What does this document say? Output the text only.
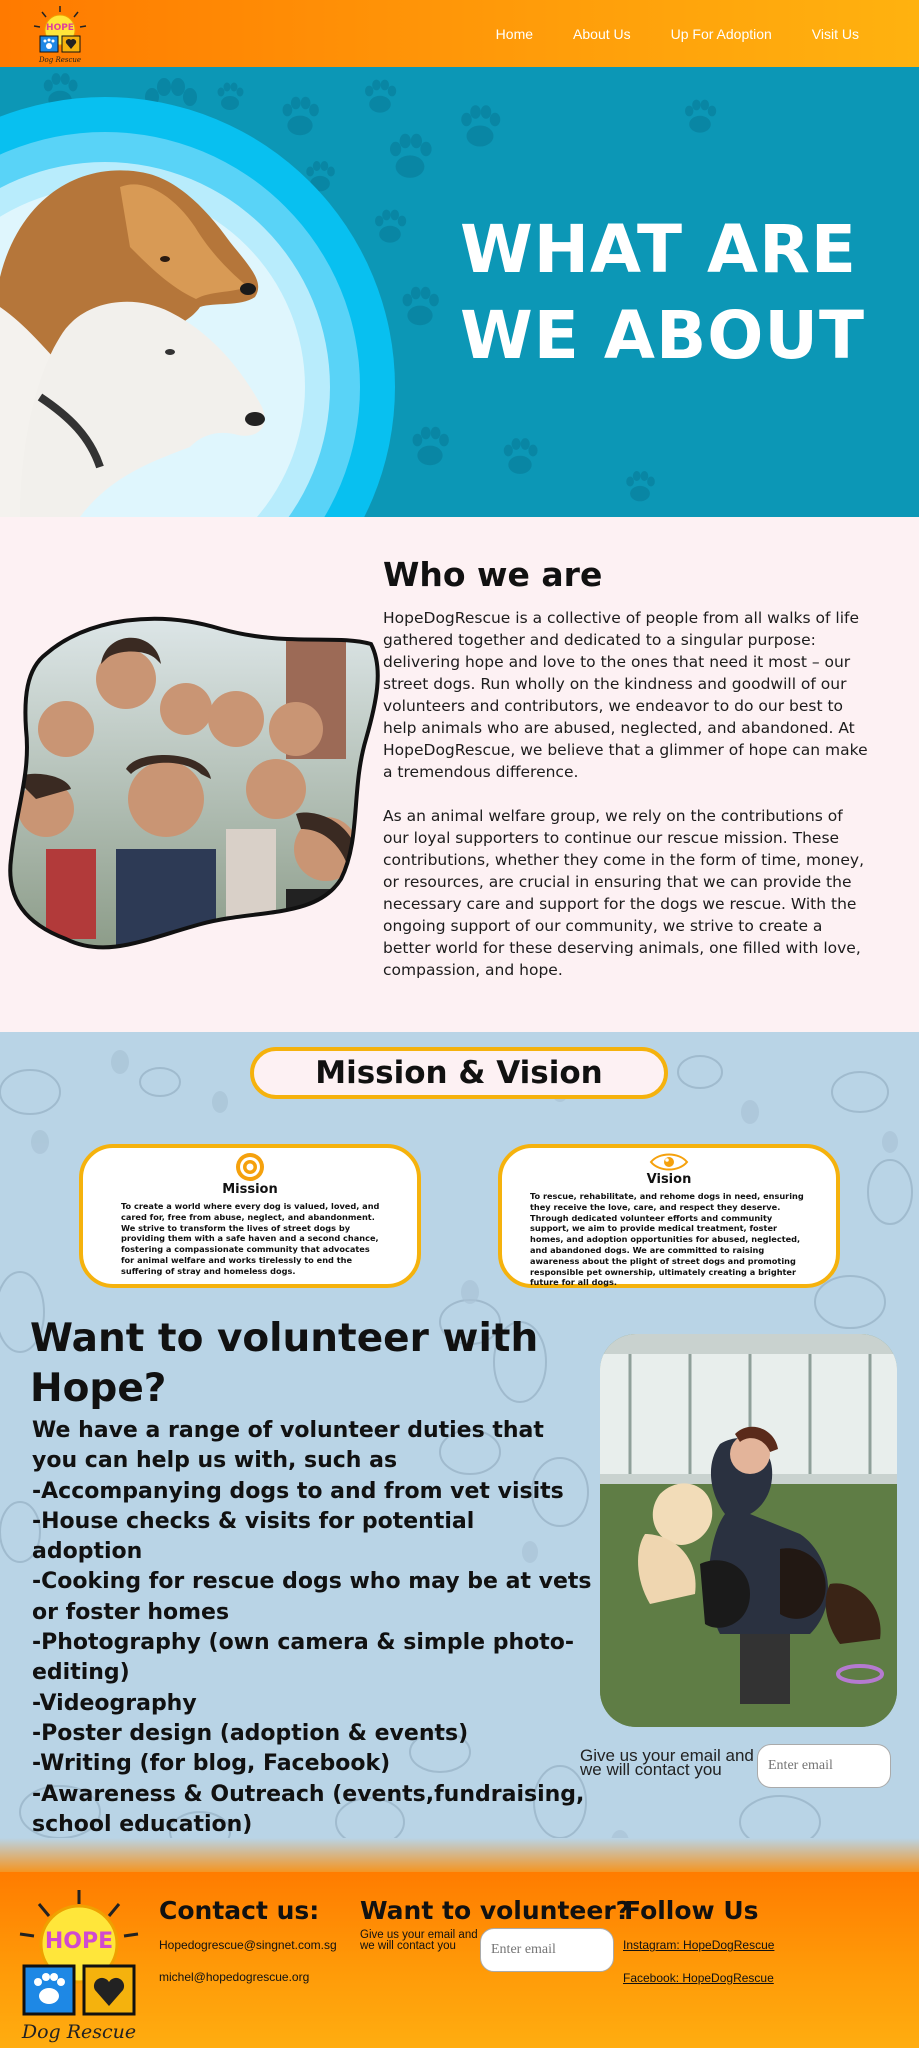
HOPE
Dog Rescue
Home	About Us	Up For Adoption	Visit Us
WHAT ARE
WE ABOUT
Who we are

HopeDogRescue is a collective of people from all walks of life gathered together and dedicated to a singular purpose: delivering hope and love to the ones that need it most – our street dogs. Run wholly on the kindness and goodwill of our volunteers and contributors, we endeavor to do our best to help animals who are abused, neglected, and abandoned. At HopeDogRescue, we believe that a glimmer of hope can make a tremendous difference.

As an animal welfare group, we rely on the contributions of our loyal supporters to continue our rescue mission. These contributions, whether they come in the form of time, money, or resources, are crucial in ensuring that we can provide the necessary care and support for the dogs we rescue. With the ongoing support of our community, we strive to create a better world for these deserving animals, one filled with love, compassion, and hope.

Mission & Vision
Mission

To create a world where every dog is valued, loved, and cared for, free from abuse, neglect, and abandonment. We strive to transform the lives of street dogs by providing them with a safe haven and a second chance, fostering a compassionate community that advocates for animal welfare and works tirelessly to end the suffering of stray and homeless dogs.

Vision

To rescue, rehabilitate, and rehome dogs in need, ensuring they receive the love, care, and respect they deserve. Through dedicated volunteer efforts and community support, we aim to provide medical treatment, foster homes, and adoption opportunities for abused, neglected, and abandoned dogs. We are committed to raising awareness about the plight of street dogs and promoting responsible pet ownership, ultimately creating a brighter future for all dogs.

Want to volunteer with Hope?
We have a range of volunteer duties that you can help us with, such as
-Accompanying dogs to and from vet visits
-House checks & visits for potential adoption
-Cooking for rescue dogs who may be at vets or foster homes
-Photography (own camera & simple photo-editing)
-Videography
-Poster design (adoption & events)
-Writing (for blog, Facebook)
-Awareness & Outreach (events,fundraising, school education)
Give us your email and we will contact you
Enter email
HOPE
Dog Rescue
Contact us:
Hopedogrescue@singnet.com.sg
michel@hopedogrescue.org
Want to volunteer?
Give us your email and we will contact you
Enter email
Follow Us
Instagram: HopeDogRescue
Facebook: HopeDogRescue
